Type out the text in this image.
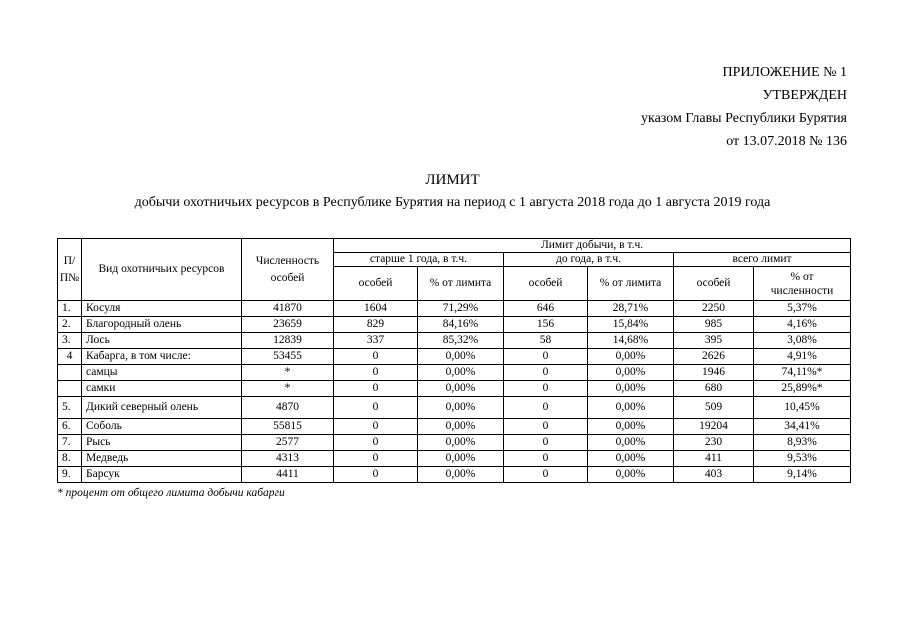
ПРИЛОЖЕНИЕ № 1
УТВЕРЖДЕН
указом Главы Республики Бурятия
от 13.07.2018 № 136
ЛИМИТ
добычи охотничьих ресурсов в Республике Бурятия на период с 1 августа 2018 года до 1 августа 2019 года
П/ П№	Вид охотничьих ресурсов	Численность особей	Лимит добычи, в т.ч.					
			старше 1 года, в т.ч.		до года, в т.ч.		всего лимит	
			особей	% от лимита	особей	% от лимита	особей	% от численности
1.	Косуля	41870	1604	71,29%	646	28,71%	2250	5,37%
2.	Благородный олень	23659	829	84,16%	156	15,84%	985	4,16%
3.	Лось	12839	337	85,32%	58	14,68%	395	3,08%
4	Кабарга, в том числе:	53455	0	0,00%	0	0,00%	2626	4,91%
	самцы	*	0	0,00%	0	0,00%	1946	74,11%*
	самки	*	0	0,00%	0	0,00%	680	25,89%*
5.	Дикий северный олень	4870	0	0,00%	0	0,00%	509	10,45%
6.	Соболь	55815	0	0,00%	0	0,00%	19204	34,41%
7.	Рысь	2577	0	0,00%	0	0,00%	230	8,93%
8.	Медведь	4313	0	0,00%	0	0,00%	411	9,53%
9.	Барсук	4411	0	0,00%	0	0,00%	403	9,14%
* процент от общего лимита добычи кабарги
